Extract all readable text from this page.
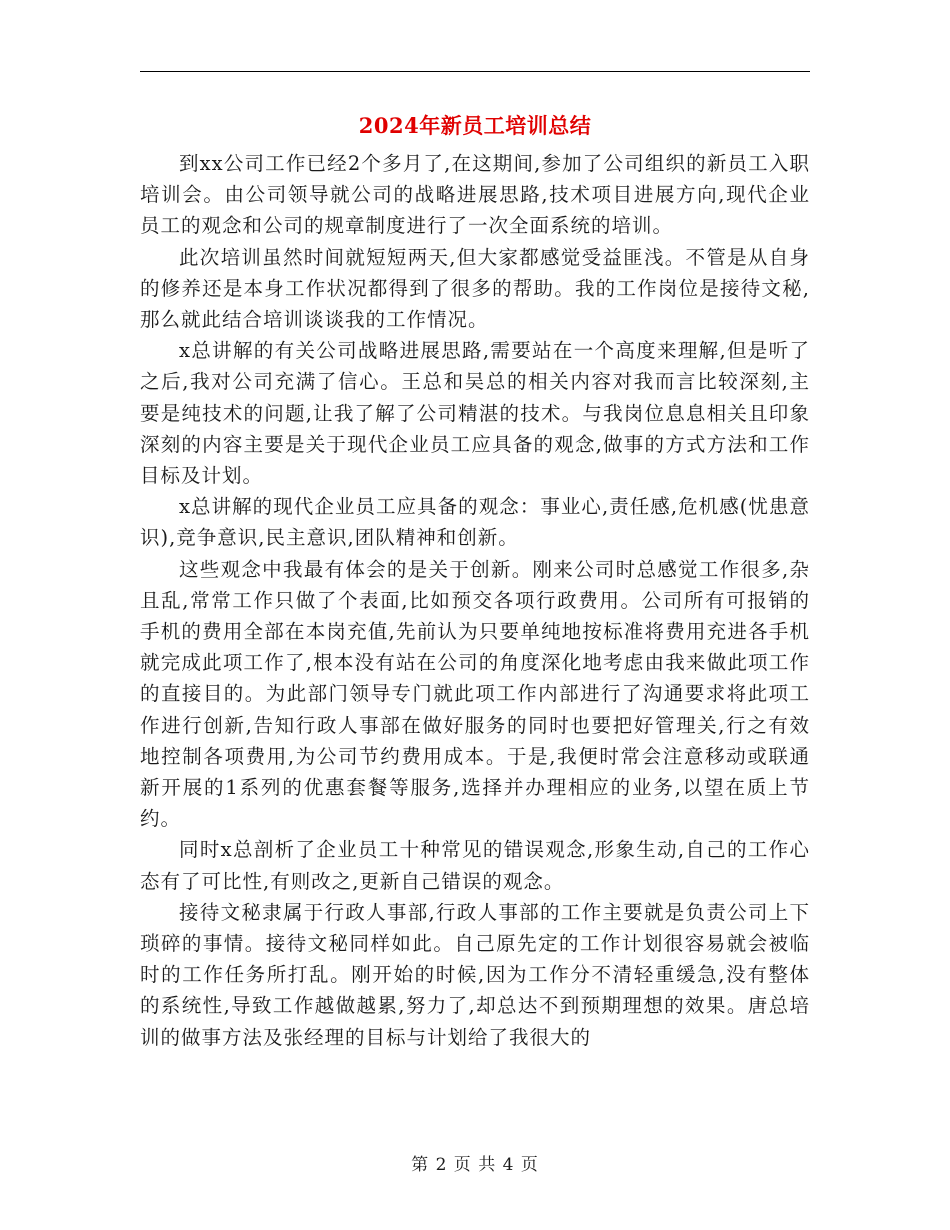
2024年新员工培训总结

到xx公司工作已经2个多月了,在这期间,参加了公司组织的新员工入职培训会。由公司领导就公司的战略进展思路,技术项目进展方向,现代企业员工的观念和公司的规章制度进行了一次全面系统的培训。

此次培训虽然时间就短短两天,但大家都感觉受益匪浅。不管是从自身的修养还是本身工作状况都得到了很多的帮助。我的工作岗位是接待文秘,那么就此结合培训谈谈我的工作情况。

x总讲解的有关公司战略进展思路,需要站在一个高度来理解,但是听了之后,我对公司充满了信心。王总和吴总的相关内容对我而言比较深刻,主要是纯技术的问题,让我了解了公司精湛的技术。与我岗位息息相关且印象深刻的内容主要是关于现代企业员工应具备的观念,做事的方式方法和工作目标及计划。

x总讲解的现代企业员工应具备的观念：事业心,责任感,危机感(忧患意识),竞争意识,民主意识,团队精神和创新。

这些观念中我最有体会的是关于创新。刚来公司时总感觉工作很多,杂且乱,常常工作只做了个表面,比如预交各项行政费用。公司所有可报销的手机的费用全部在本岗充值,先前认为只要单纯地按标准将费用充进各手机就完成此项工作了,根本没有站在公司的角度深化地考虑由我来做此项工作的直接目的。为此部门领导专门就此项工作内部进行了沟通要求将此项工作进行创新,告知行政人事部在做好服务的同时也要把好管理关,行之有效地控制各项费用,为公司节约费用成本。于是,我便时常会注意移动或联通新开展的1系列的优惠套餐等服务,选择并办理相应的业务,以望在质上节约。

同时x总剖析了企业员工十种常见的错误观念,形象生动,自己的工作心态有了可比性,有则改之,更新自己错误的观念。

接待文秘隶属于行政人事部,行政人事部的工作主要就是负责公司上下琐碎的事情。接待文秘同样如此。自己原先定的工作计划很容易就会被临时的工作任务所打乱。刚开始的时候,因为工作分不清轻重缓急,没有整体的系统性,导致工作越做越累,努力了,却总达不到预期理想的效果。唐总培训的做事方法及张经理的目标与计划给了我很大的

第 2 页 共 4 页
